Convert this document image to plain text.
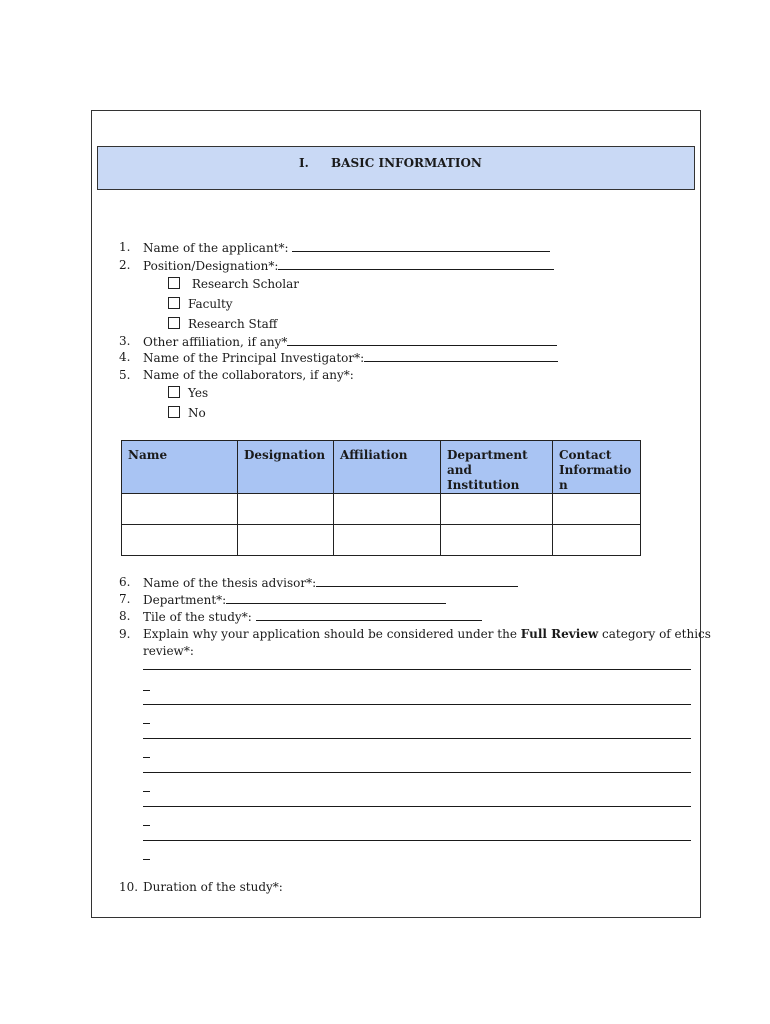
I. BASIC INFORMATION
1. Name of the applicant*:
2. Position/Designation*:
Research Scholar
Faculty
Research Staff
3. Other affiliation, if any*
4. Name of the Principal Investigator*:
5. Name of the collaborators, if any*:
Yes
No
Name	Designation	Affiliation	Department and Institution	Contact Informatio n

6. Name of the thesis advisor*:
7. Department*:
8. Tile of the study*:
9. Explain why your application should be considered under the Full Review category of ethics
review*:
10. Duration of the study*:
